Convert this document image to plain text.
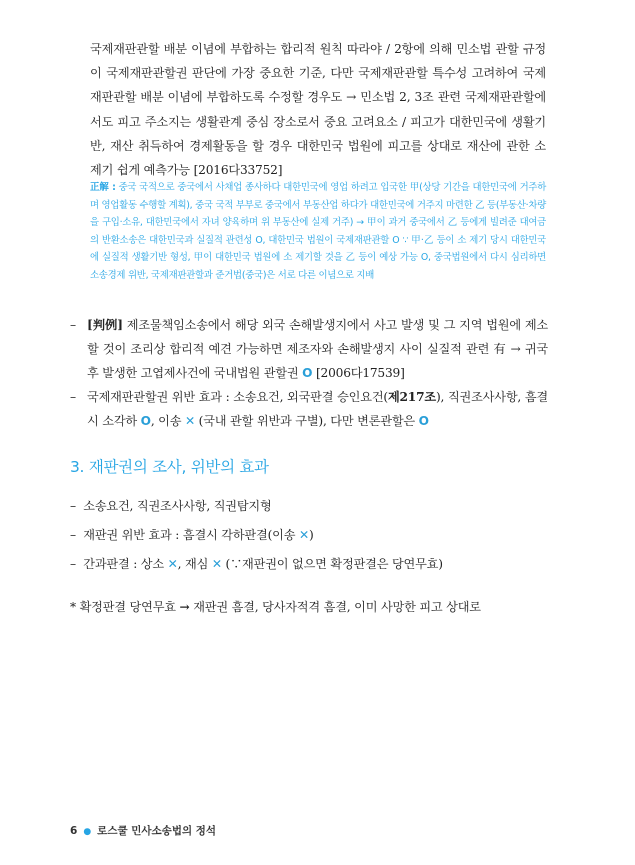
국제재판관할 배분 이념에 부합하는 합리적 원칙 따라야 / 2항에 의해 민소법 관할 규정이 국제재판관할권 판단에 가장 중요한 기준, 다만 국제재판관할 특수성 고려하여 국제재판관할 배분 이념에 부합하도록 수정할 경우도 → 민소법 2, 3조 관련 국제재판관할에서도 피고 주소지는 생활관계 중심 장소로서 중요 고려요소 / 피고가 대한민국에 생활기반, 재산 취득하여 경제활동을 할 경우 대한민국 법원에 피고를 상대로 재산에 관한 소 제기 쉽게 예측가능 [2016다33752]
正解 : 중국 국적으로 중국에서 사채업 종사하다 대한민국에 영업 하려고 입국한 甲(상당 기간을 대한민국에 거주하며 영업활동 수행할 계획), 중국 국적 부부로 중국에서 부동산업 하다가 대한민국에 거주지 마련한 乙 등(부동산·차량을 구입·소유, 대한민국에서 자녀 양육하며 위 부동산에 실제 거주) → 甲이 과거 중국에서 乙 등에게 빌려준 대여금의 반환소송은 대한민국과 실질적 관련성 O, 대한민국 법원이 국제재판관할 O ∵ 甲·乙 등이 소 제기 당시 대한민국에 실질적 생활기반 형성, 甲이 대한민국 법원에 소 제기할 것을 乙 등이 예상 가능 O, 중국법원에서 다시 심리하면 소송경제 위반, 국제재판관할과 준거법(중국)은 서로 다른 이념으로 지배
– [判例] 제조물책임소송에서 해당 외국 손해발생지에서 사고 발생 및 그 지역 법원에 제소할 것이 조리상 합리적 예견 가능하면 제조자와 손해발생지 사이 실질적 관련 有 → 귀국 후 발생한 고엽제사건에 국내법원 관할권 O [2006다17539]
– 국제재판관할권 위반 효과 : 소송요건, 외국판결 승인요건(제217조), 직권조사사항, 흠결시 소각하 O, 이송 ✕ (국내 관할 위반과 구별), 다만 변론관할은 O
3. 재판권의 조사, 위반의 효과
– 소송요건, 직권조사사항, 직권탐지형
– 재판권 위반 효과 : 흠결시 각하판결(이송 ✕)
– 간과판결 : 상소 ✕, 재심 ✕ (∵재판권이 없으면 확정판결은 당연무효)
* 확정판결 당연무효 → 재판권 흠결, 당사자적격 흠결, 이미 사망한 피고 상대로
6 ● 로스쿨 민사소송법의 정석
